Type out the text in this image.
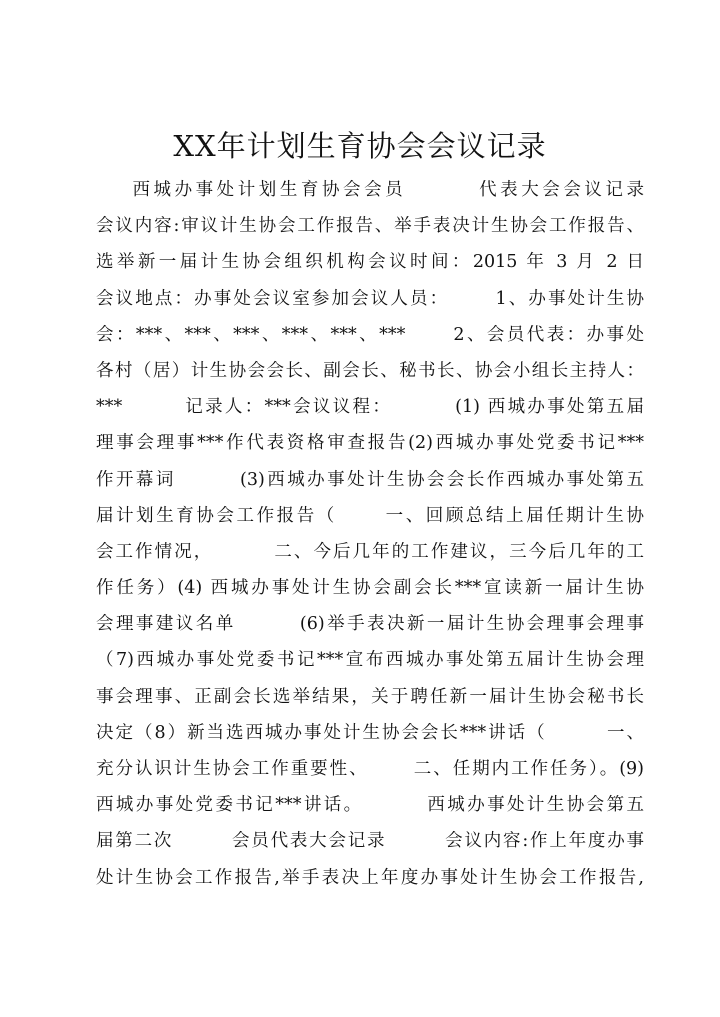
XX年计划生育协会会议记录
西城办事处计划生育协会会员        代表大会会议记录
会议内容:审议计生协会工作报告、举手表决计生协会工作报告、
选举新一届计生协会组织机构会议时间：2015 年 3 月 2 日
会议地点：办事处会议室参加会议人员：      1、办事处计生协
会：***、***、***、***、***、***      2、会员代表：办事处
各村（居）计生协会会长、副会长、秘书长、协会小组长主持人：
***        记录人：***会议议程：        (1) 西城办事处第五届
理事会理事***作代表资格审查报告(2)西城办事处党委书记***
作开幕词        (3)西城办事处计生协会会长作西城办事处第五
届计划生育协会工作报告（      一、回顾总结上届任期计生协
会工作情况，        二、今后几年的工作建议，三今后几年的工
作任务）(4) 西城办事处计生协会副会长***宣读新一届计生协
会理事建议名单        (6)举手表决新一届计生协会理事会理事
（7)西城办事处党委书记***宣布西城办事处第五届计生协会理
事会理事、正副会长选举结果，关于聘任新一届计生协会秘书长
决定（8）新当选西城办事处计生协会会长***讲话（        一、
充分认识计生协会工作重要性、      二、任期内工作任务）。(9)
西城办事处党委书记***讲话。        西城办事处计生协会第五
届第二次        会员代表大会记录        会议内容:作上年度办事
处计生协会工作报告,举手表决上年度办事处计生协会工作报告,
